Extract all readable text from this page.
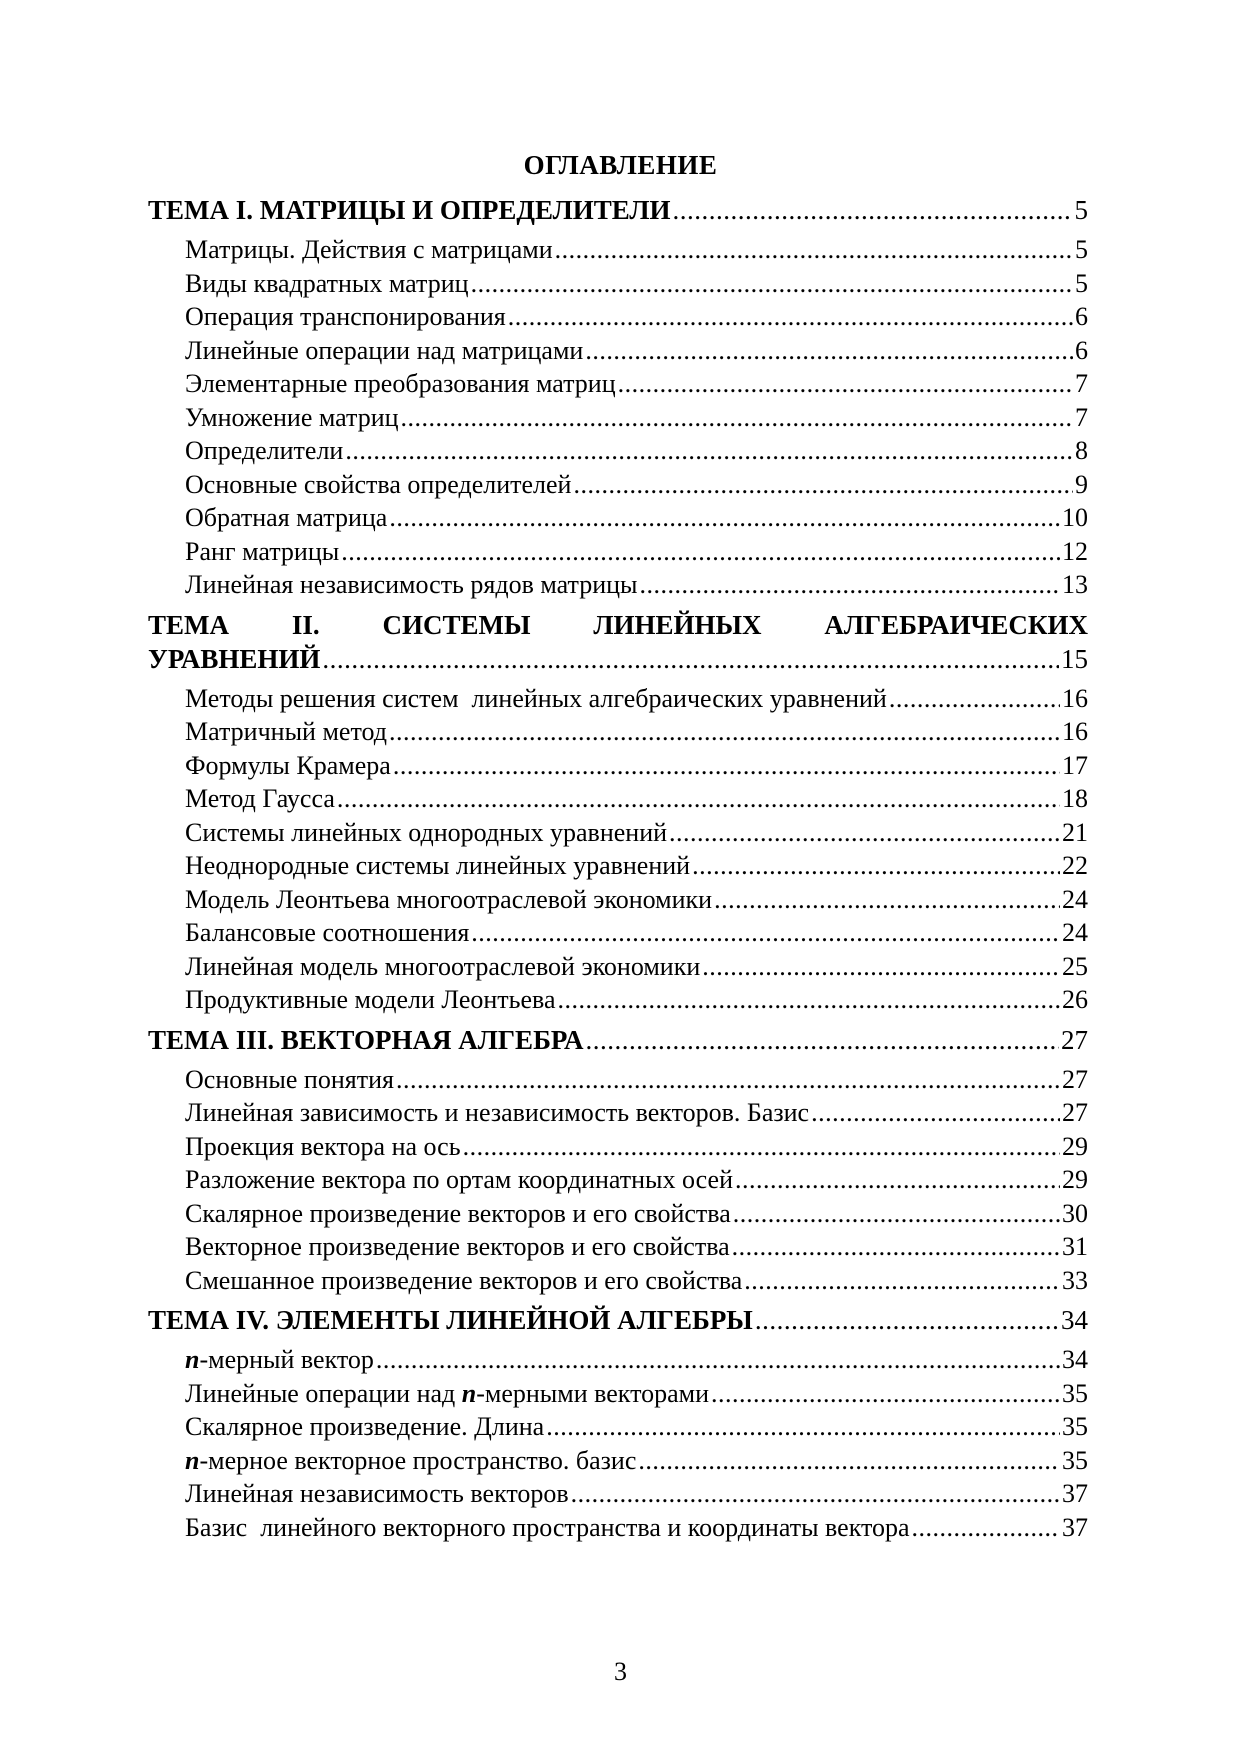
ОГЛАВЛЕНИЕ
ТЕМА I. МАТРИЦЫ И ОПРЕДЕЛИТЕЛИ .....	5
Матрицы. Действия с матрицами .....	5
Виды квадратных матриц .....	5
Операция транспонирования .....	6
Линейные операции над матрицами .....	6
Элементарные преобразования матриц .....	7
Умножение матриц .....	7
Определители .....	8
Основные свойства определителей .....	9
Обратная матрица .....	10
Ранг матрицы .....	12
Линейная независимость рядов матрицы .....	13
ТЕМА II. СИСТЕМЫ ЛИНЕЙНЫХ АЛГЕБРАИЧЕСКИХ
УРАВНЕНИЙ .....	15
Методы решения систем  линейных алгебраических уравнений .....	16
Матричный метод .....	16
Формулы Крамера .....	17
Метод Гаусса .....	18
Системы линейных однородных уравнений .....	21
Неоднородные системы линейных уравнений .....	22
Модель Леонтьева многоотраслевой экономики .....	24
Балансовые соотношения .....	24
Линейная модель многоотраслевой экономики .....	25
Продуктивные модели Леонтьева .....	26
ТЕМА III. ВЕКТОРНАЯ АЛГЕБРА .....	27
Основные понятия .....	27
Линейная зависимость и независимость векторов. Базис .....	27
Проекция вектора на ось .....	29
Разложение вектора по ортам координатных осей .....	29
Скалярное произведение векторов и его свойства .....	30
Векторное произведение векторов и его свойства .....	31
Смешанное произведение векторов и его свойства .....	33
ТЕМА IV. ЭЛЕМЕНТЫ ЛИНЕЙНОЙ АЛГЕБРЫ .....	34
n-мерный вектор .....	34
Линейные операции над n-мерными векторами .....	35
Скалярное произведение. Длина .....	35
n-мерное векторное пространство. базис .....	35
Линейная независимость векторов .....	37
Базис  линейного векторного пространства и координаты вектора .....	37
3
